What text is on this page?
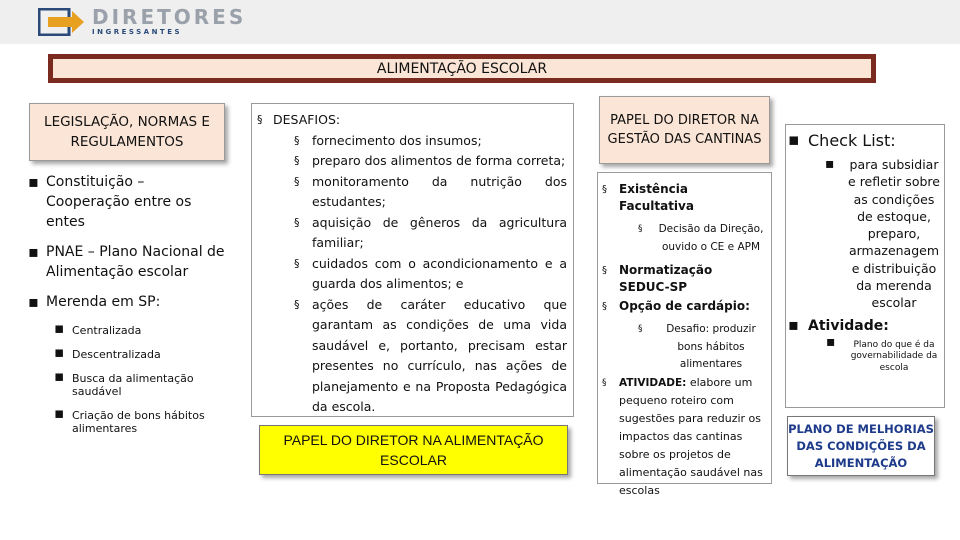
DIRETORES
INGRESSANTES
ALIMENTAÇÃO ESCOLAR
LEGISLAÇÃO, NORMAS E REGULAMENTOS
▪ Constituição – Cooperação entre os entes
▪ PNAE – Plano Nacional de Alimentação escolar
▪ Merenda em SP:
▪ Centralizada
▪ Descentralizada
▪ Busca da alimentação saudável
▪ Criação de bons hábitos alimentares
§ DESAFIOS:
§ fornecimento dos insumos;
§ preparo dos alimentos de forma correta;
§ monitoramento da nutrição dos estudantes;
§ aquisição de gêneros da agricultura familiar;
§ cuidados com o acondicionamento e a guarda dos alimentos; e
§ ações de caráter educativo que garantam as condições de uma vida saudável e, portanto, precisam estar presentes no currículo, nas ações de planejamento e na Proposta Pedagógica da escola.
PAPEL DO DIRETOR NA ALIMENTAÇÃO ESCOLAR
PAPEL DO DIRETOR NA GESTÃO DAS CANTINAS
§ Existência Facultativa
§ Decisão da Direção, ouvido o CE e APM
§ Normatização SEDUC-SP
§ Opção de cardápio:
§ Desafio: produzir bons hábitos alimentares
§ ATIVIDADE: elabore um pequeno roteiro com sugestões para reduzir os impactos das cantinas sobre os projetos de alimentação saudável nas escolas
▪ Check List:
▪ para subsidiar e refletir sobre as condições de estoque, preparo, armazenagem e distribuição da merenda escolar
▪ Atividade:
▪ Plano do que é da governabilidade da escola
PLANO DE MELHORIAS DAS CONDIÇÕES DA ALIMENTAÇÃO
